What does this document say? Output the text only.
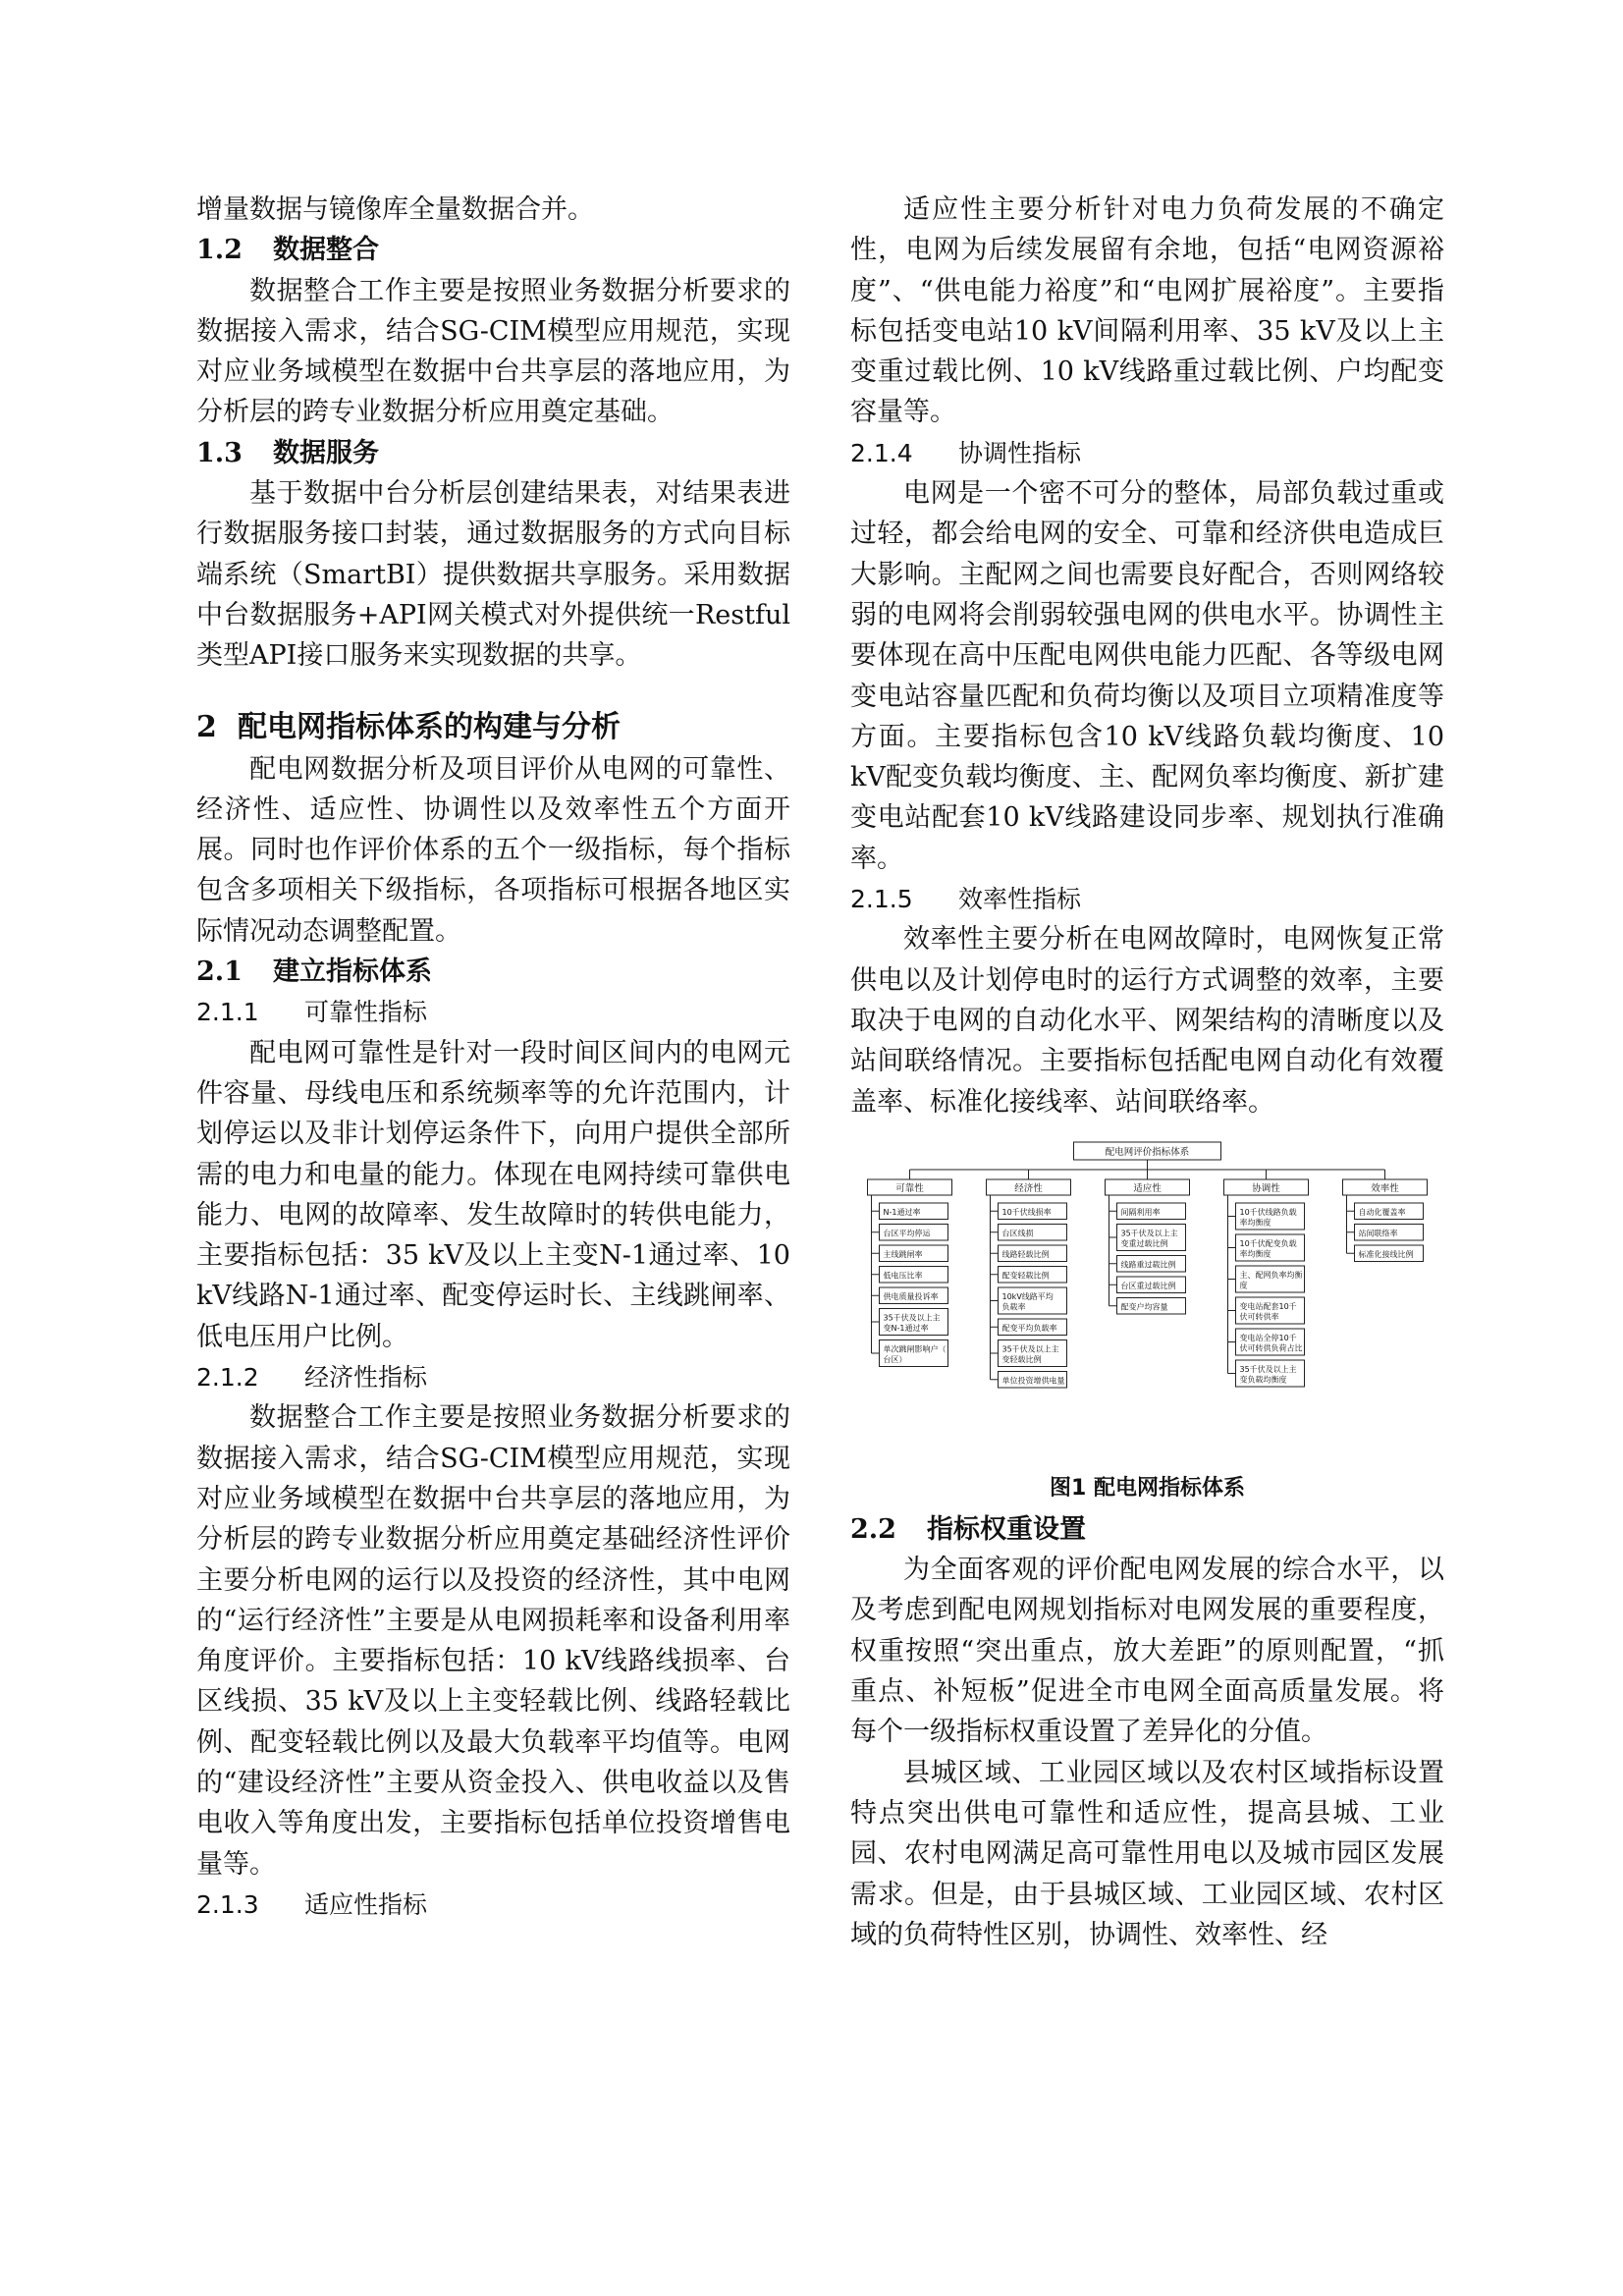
增量数据与镜像库全量数据合并。

1.2 数据整合

数据整合工作主要是按照业务数据分析要求的数据接入需求，结合SG-CIM模型应用规范，实现对应业务域模型在数据中台共享层的落地应用，为分析层的跨专业数据分析应用奠定基础。

1.3 数据服务

基于数据中台分析层创建结果表，对结果表进行数据服务接口封装，通过数据服务的方式向目标端系统（SmartBI）提供数据共享服务。采用数据中台数据服务+API网关模式对外提供统一Restful类型API接口服务来实现数据的共享。

2 配电网指标体系的构建与分析

配电网数据分析及项目评价从电网的可靠性、经济性、适应性、协调性以及效率性五个方面开展。同时也作评价体系的五个一级指标，每个指标包含多项相关下级指标，各项指标可根据各地区实际情况动态调整配置。

2.1 建立指标体系

2.1.1 可靠性指标

配电网可靠性是针对一段时间区间内的电网元件容量、母线电压和系统频率等的允许范围内，计划停运以及非计划停运条件下，向用户提供全部所需的电力和电量的能力。体现在电网持续可靠供电能力、电网的故障率、发生故障时的转供电能力，主要指标包括：35 kV及以上主变N-1通过率、10 kV线路N-1通过率、配变停运时长、主线跳闸率、低电压用户比例。

2.1.2 经济性指标

数据整合工作主要是按照业务数据分析要求的数据接入需求，结合SG-CIM模型应用规范，实现对应业务域模型在数据中台共享层的落地应用，为分析层的跨专业数据分析应用奠定基础经济性评价主要分析电网的运行以及投资的经济性，其中电网的“运行经济性”主要是从电网损耗率和设备利用率角度评价。主要指标包括：10 kV线路线损率、台区线损、35 kV及以上主变轻载比例、线路轻载比例、配变轻载比例以及最大负载率平均值等。电网的“建设经济性”主要从资金投入、供电收益以及售电收入等角度出发，主要指标包括单位投资增售电量等。

2.1.3 适应性指标

适应性主要分析针对电力负荷发展的不确定性，电网为后续发展留有余地，包括“电网资源裕度”、“供电能力裕度”和“电网扩展裕度”。主要指标包括变电站10 kV间隔利用率、35 kV及以上主变重过载比例、10 kV线路重过载比例、户均配变容量等。

2.1.4 协调性指标

电网是一个密不可分的整体，局部负载过重或过轻，都会给电网的安全、可靠和经济供电造成巨大影响。主配网之间也需要良好配合，否则网络较弱的电网将会削弱较强电网的供电水平。协调性主要体现在高中压配电网供电能力匹配、各等级电网变电站容量匹配和负荷均衡以及项目立项精准度等方面。主要指标包含10 kV线路负载均衡度、10 kV配变负载均衡度、主、配网负率均衡度、新扩建变电站配套10 kV线路建设同步率、规划执行准确率。

2.1.5 效率性指标

效率性主要分析在电网故障时，电网恢复正常供电以及计划停电时的运行方式调整的效率，主要取决于电网的自动化水平、网架结构的清晰度以及站间联络情况。主要指标包括配电网自动化有效覆盖率、标准化接线率、站间联络率。

配电网评价指标体系
可靠性
N-1通过率
台区平均停运
主线跳闸率
低电压比率
供电质量投诉率
35千伏及以上主
变N-1通过率
单次跳闸影响户（
台区）
经济性
10千伏线损率
台区线损
线路轻载比例
配变轻载比例
10kV线路平均
负载率
配变平均负载率
35千伏及以上主
变轻载比例
单位投资增供电量
适应性
间隔利用率
35千伏及以上主
变重过载比例
线路重过载比例
台区重过载比例
配变户均容量
协调性
10千伏线路负载
率均衡度
10千伏配变负载
率均衡度
主、配网负率均衡
度
变电站配套10千
伏可转供率
变电站全停10千
伏可转供负荷占比
35千伏及以上主
变负载均衡度
效率性
自动化覆盖率
站间联络率
标准化接线比例
图1 配电网指标体系

2.2 指标权重设置

为全面客观的评价配电网发展的综合水平，以及考虑到配电网规划指标对电网发展的重要程度，权重按照“突出重点，放大差距”的原则配置，“抓重点、补短板”促进全市电网全面高质量发展。将每个一级指标权重设置了差异化的分值。

县城区域、工业园区域以及农村区域指标设置特点突出供电可靠性和适应性，提高县城、工业园、农村电网满足高可靠性用电以及城市园区发展需求。但是，由于县城区域、工业园区域、农村区域的负荷特性区别，协调性、效率性、经
